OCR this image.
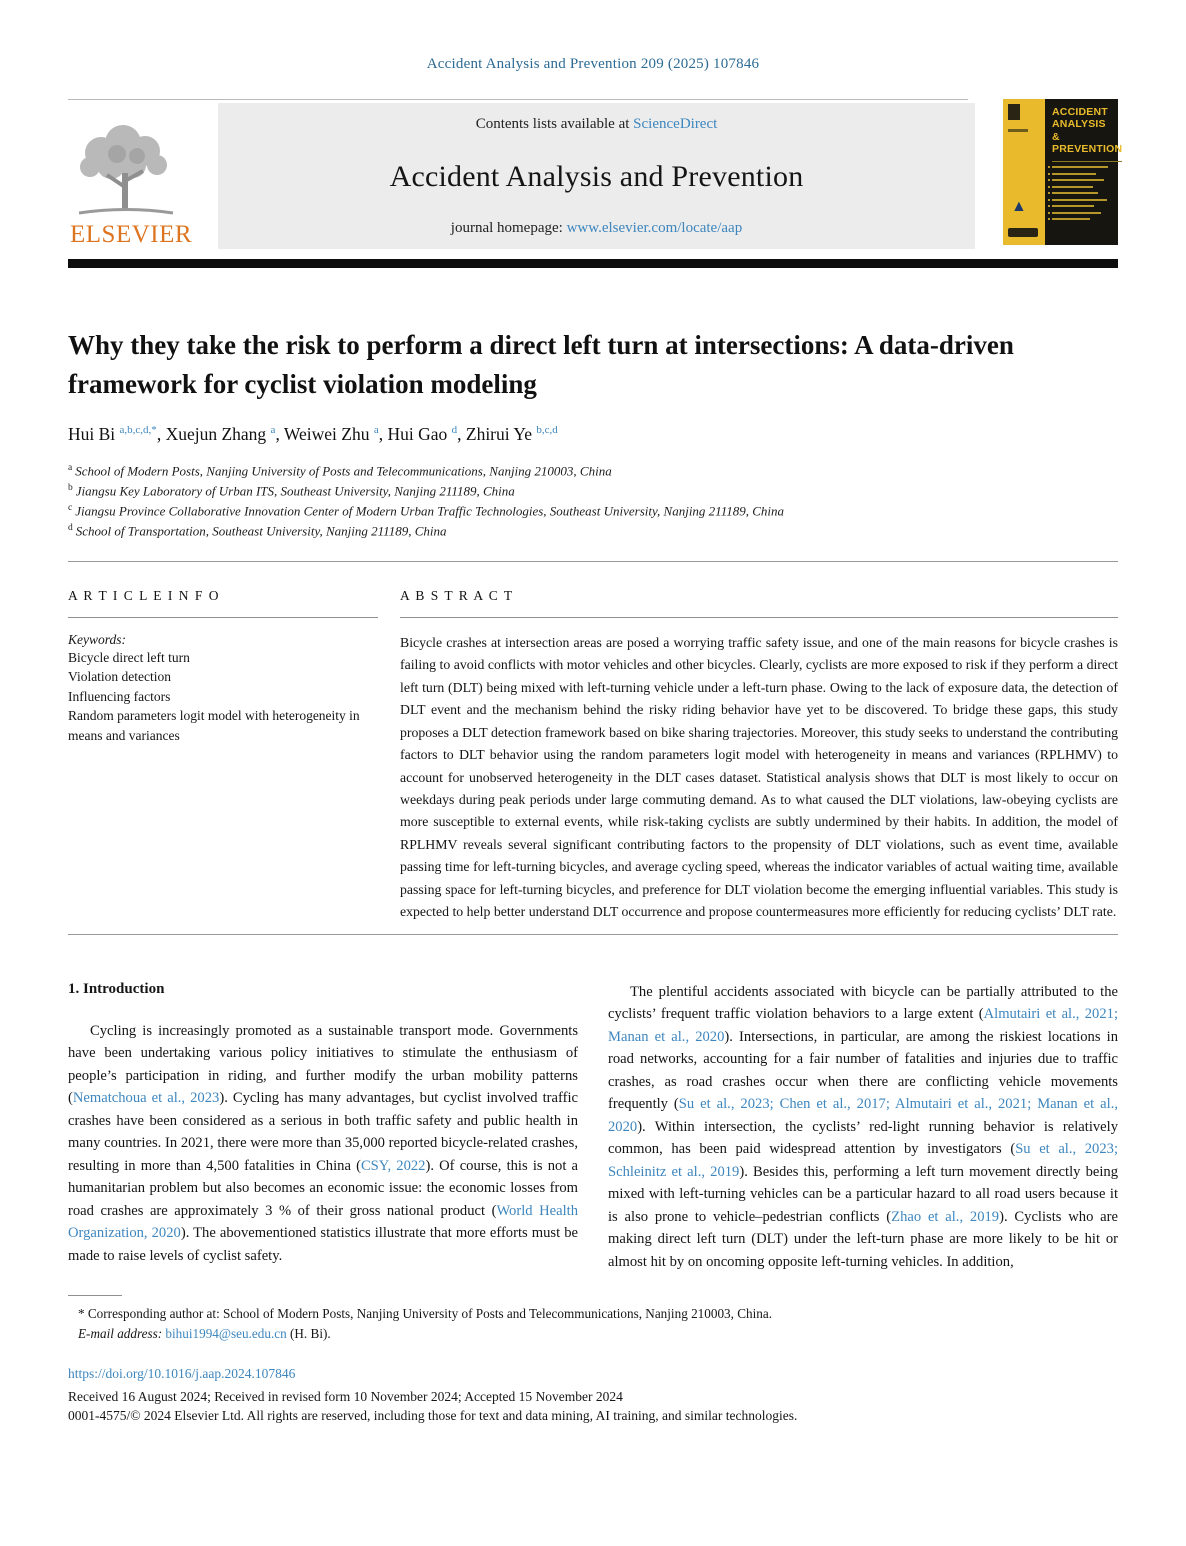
Accident Analysis and Prevention 209 (2025) 107846
ELSEVIER
Contents lists available at ScienceDirect
Accident Analysis and Prevention
journal homepage: www.elsevier.com/locate/aap
▲
ACCIDENT
ANALYSIS
&
PREVENTION
Why they take the risk to perform a direct left turn at intersections: A data-driven framework for cyclist violation modeling
Hui Bi $^{a,b,c,d,*}$, Xuejun Zhang $^a$, Weiwei Zhu $^a$, Hui Gao $^d$, Zhirui Ye $^{b,c,d}$
$^a$ School of Modern Posts, Nanjing University of Posts and Telecommunications, Nanjing 210003, China
$^b$ Jiangsu Key Laboratory of Urban ITS, Southeast University, Nanjing 211189, China
$^c$ Jiangsu Province Collaborative Innovation Center of Modern Urban Traffic Technologies, Southeast University, Nanjing 211189, China
$^d$ School of Transportation, Southeast University, Nanjing 211189, China
A R T I C L E I N F O
Keywords:
Bicycle direct left turn
Violation detection
Influencing factors
Random parameters logit model with heterogeneity in means and variances
A B S T R A C T
Bicycle crashes at intersection areas are posed a worrying traffic safety issue, and one of the main reasons for bicycle crashes is failing to avoid conflicts with motor vehicles and other bicycles. Clearly, cyclists are more exposed to risk if they perform a direct left turn (DLT) being mixed with left-turning vehicle under a left-turn phase. Owing to the lack of exposure data, the detection of DLT event and the mechanism behind the risky riding behavior have yet to be discovered. To bridge these gaps, this study proposes a DLT detection framework based on bike sharing trajectories. Moreover, this study seeks to understand the contributing factors to DLT behavior using the random parameters logit model with heterogeneity in means and variances (RPLHMV) to account for unobserved heterogeneity in the DLT cases dataset. Statistical analysis shows that DLT is most likely to occur on weekdays during peak periods under large commuting demand. As to what caused the DLT violations, law-obeying cyclists are more susceptible to external events, while risk-taking cyclists are subtly undermined by their habits. In addition, the model of RPLHMV reveals several significant contributing factors to the propensity of DLT violations, such as event time, available passing time for left-turning bicycles, and average cycling speed, whereas the indicator variables of actual waiting time, available passing space for left-turning bicycles, and preference for DLT violation become the emerging influential variables. This study is expected to help better understand DLT occurrence and propose countermeasures more efficiently for reducing cyclists’ DLT rate.
1. Introduction

Cycling is increasingly promoted as a sustainable transport mode. Governments have been undertaking various policy initiatives to stimulate the enthusiasm of people’s participation in riding, and further modify the urban mobility patterns (Nematchoua et al., 2023). Cycling has many advantages, but cyclist involved traffic crashes have been considered as a serious in both traffic safety and public health in many countries. In 2021, there were more than 35,000 reported bicycle-related crashes, resulting in more than 4,500 fatalities in China (CSY, 2022). Of course, this is not a humanitarian problem but also becomes an economic issue: the economic losses from road crashes are approximately 3 % of their gross national product (World Health Organization, 2020). The abovementioned statistics illustrate that more efforts must be made to raise levels of cyclist safety.

The plentiful accidents associated with bicycle can be partially attributed to the cyclists’ frequent traffic violation behaviors to a large extent (Almutairi et al., 2021; Manan et al., 2020). Intersections, in particular, are among the riskiest locations in road networks, accounting for a fair number of fatalities and injuries due to traffic crashes, as road crashes occur when there are conflicting vehicle movements frequently (Su et al., 2023; Chen et al., 2017; Almutairi et al., 2021; Manan et al., 2020). Within intersection, the cyclists’ red-light running behavior is relatively common, has been paid widespread attention by investigators (Su et al., 2023; Schleinitz et al., 2019). Besides this, performing a left turn movement directly being mixed with left-turning vehicles can be a particular hazard to all road users because it is also prone to vehicle–pedestrian conflicts (Zhao et al., 2019). Cyclists who are making direct left turn (DLT) under the left-turn phase are more likely to be hit or almost hit by on oncoming opposite left-turning vehicles. In addition,

* Corresponding author at: School of Modern Posts, Nanjing University of Posts and Telecommunications, Nanjing 210003, China.
E-mail address: bihui1994@seu.edu.cn (H. Bi).
https://doi.org/10.1016/j.aap.2024.107846
Received 16 August 2024; Received in revised form 10 November 2024; Accepted 15 November 2024
0001-4575/© 2024 Elsevier Ltd. All rights are reserved, including those for text and data mining, AI training, and similar technologies.
